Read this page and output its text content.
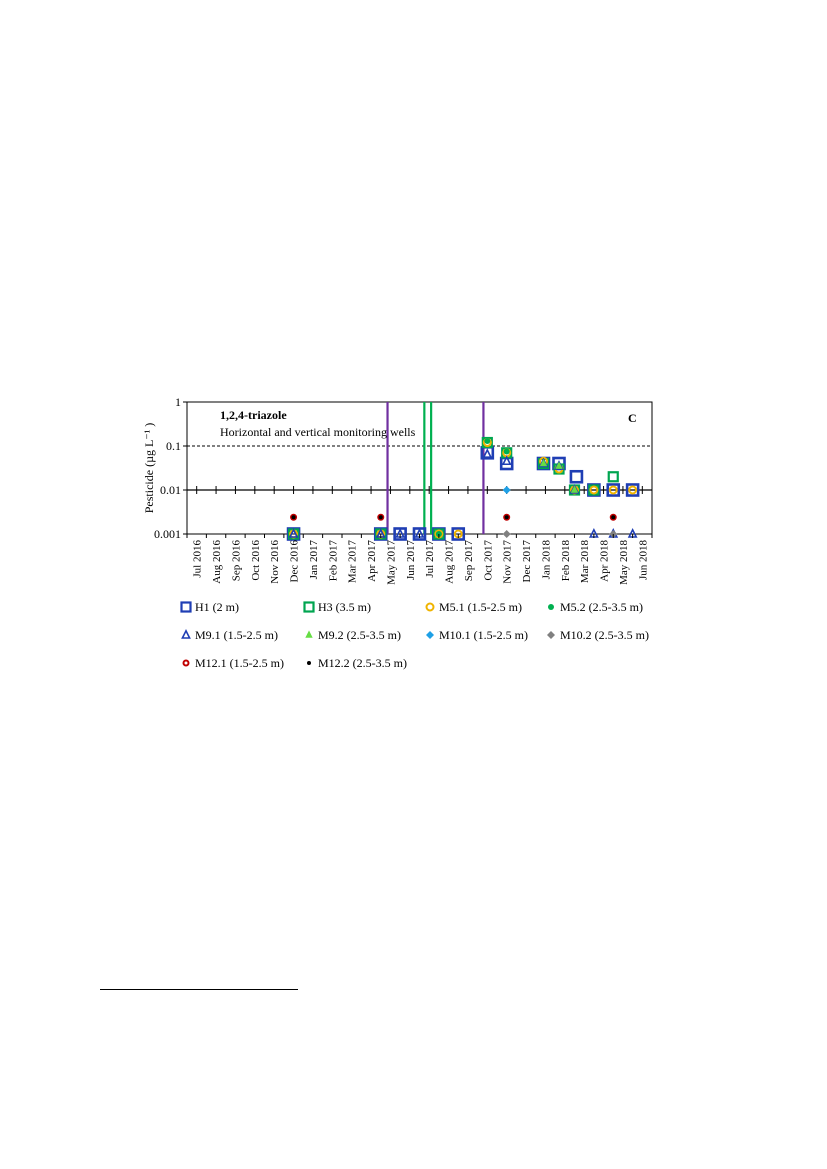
1
0.1
0.01
0.001
Pesticide (µg L⁻¹ )
Jul 2016 Aug 2016 Sep 2016 Oct 2016 Nov 2016 Dec 2016 Jan 2017 Feb 2017 Mar 2017 Apr 2017 May 2017 Jun 2017 Jul 2017 Aug 2017 Sep 2017 Oct 2017 Nov 2017 Dec 2017 Jan 2018 Feb 2018 Mar 2018 Apr 2018 May 2018 Jun 2018
1,2,4-triazole
Horizontal and vertical monitoring wells
C
H1 (2 m)	H3 (3.5 m)	M5.1 (1.5-2.5 m)	M5.2 (2.5-3.5 m)
M9.1 (1.5-2.5 m)	M9.2 (2.5-3.5 m)	M10.1 (1.5-2.5 m)	M10.2 (2.5-3.5 m)
M12.1 (1.5-2.5 m)	M12.2 (2.5-3.5 m)
